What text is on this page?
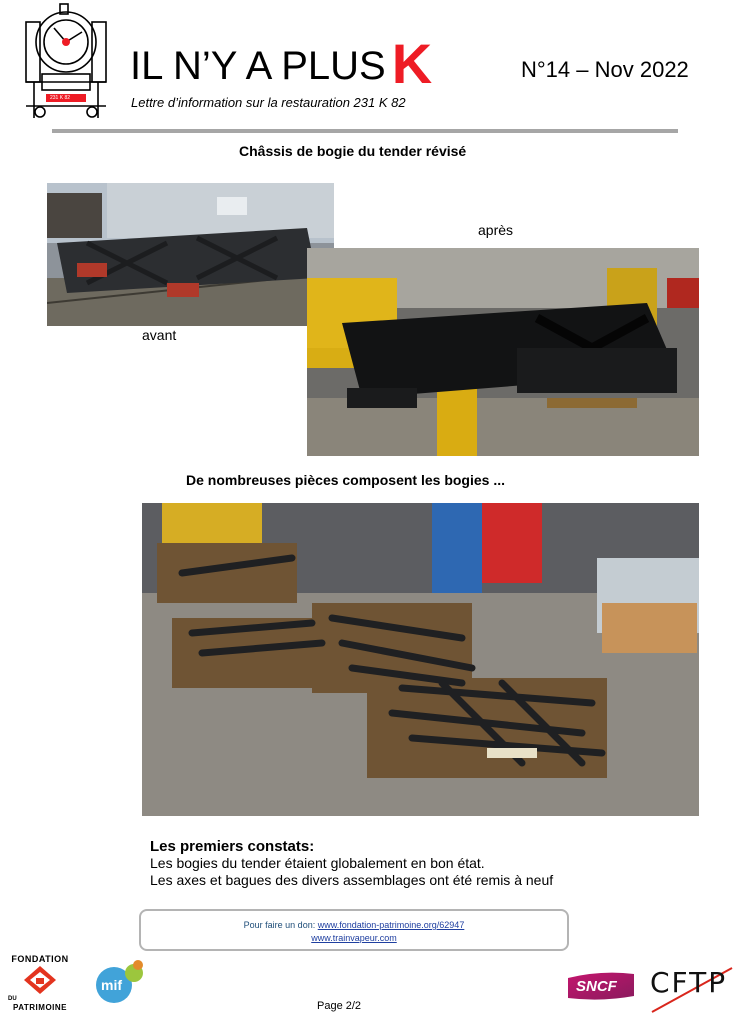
231 K 82
IL N’Y A PLUS K	N°14 – Nov 2022
Lettre d’information sur la restauration 231 K 82
Châssis de bogie du tender révisé
avant
après
De nombreuses pièces composent les bogies ...
Les premiers constats:
Les bogies du tender étaient globalement en bon état.
Les axes et bagues des divers assemblages ont été remis à neuf
Pour faire un don: www.fondation-patrimoine.org/62947
www.trainvapeur.com
FONDATION
DU
PATRIMOINE
mif
Page 2/2
SNCF CFTP
